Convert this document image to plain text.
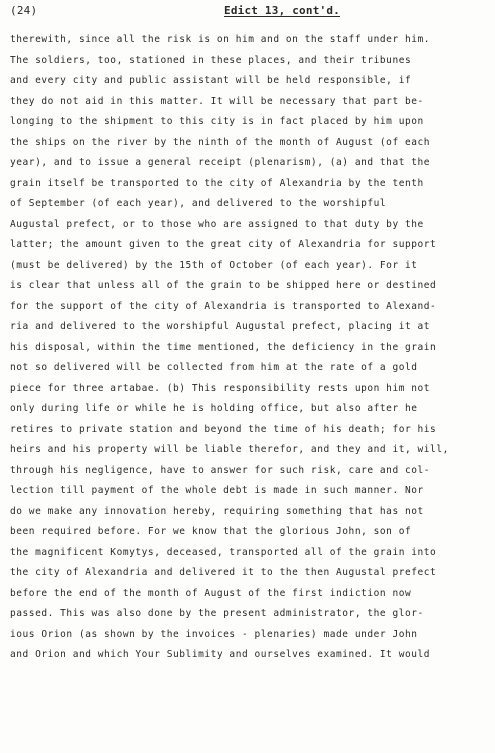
(24)	Edict 13, cont'd.
therewith, since all the risk is on him and on the staff under him.
The soldiers, too, stationed in these places, and their tribunes
and every city and public assistant will be held responsible, if
they do not aid in this matter. It will be necessary that part be-
longing to the shipment to this city is in fact placed by him upon
the ships on the river by the ninth of the month of August (of each
year), and to issue a general receipt (plenarism), (a) and that the
grain itself be transported to the city of Alexandria by the tenth
of September (of each year), and delivered to the worshipful
Augustal prefect, or to those who are assigned to that duty by the
latter; the amount given to the great city of Alexandria for support
(must be delivered) by the 15th of October (of each year). For it
is clear that unless all of the grain to be shipped here or destined
for the support of the city of Alexandria is transported to Alexand-
ria and delivered to the worshipful Augustal prefect, placing it at
his disposal, within the time mentioned, the deficiency in the grain
not so delivered will be collected from him at the rate of a gold
piece for three artabae. (b) This responsibility rests upon him not
only during life or while he is holding office, but also after he
retires to private station and beyond the time of his death; for his
heirs and his property will be liable therefor, and they and it, will,
through his negligence, have to answer for such risk, care and col-
lection till payment of the whole debt is made in such manner. Nor
do we make any innovation hereby, requiring something that has not
been required before. For we know that the glorious John, son of
the magnificent Komytys, deceased, transported all of the grain into
the city of Alexandria and delivered it to the then Augustal prefect
before the end of the month of August of the first indiction now
passed. This was also done by the present administrator, the glor-
ious Orion (as shown by the invoices - plenaries) made under John
and Orion and which Your Sublimity and ourselves examined. It would
